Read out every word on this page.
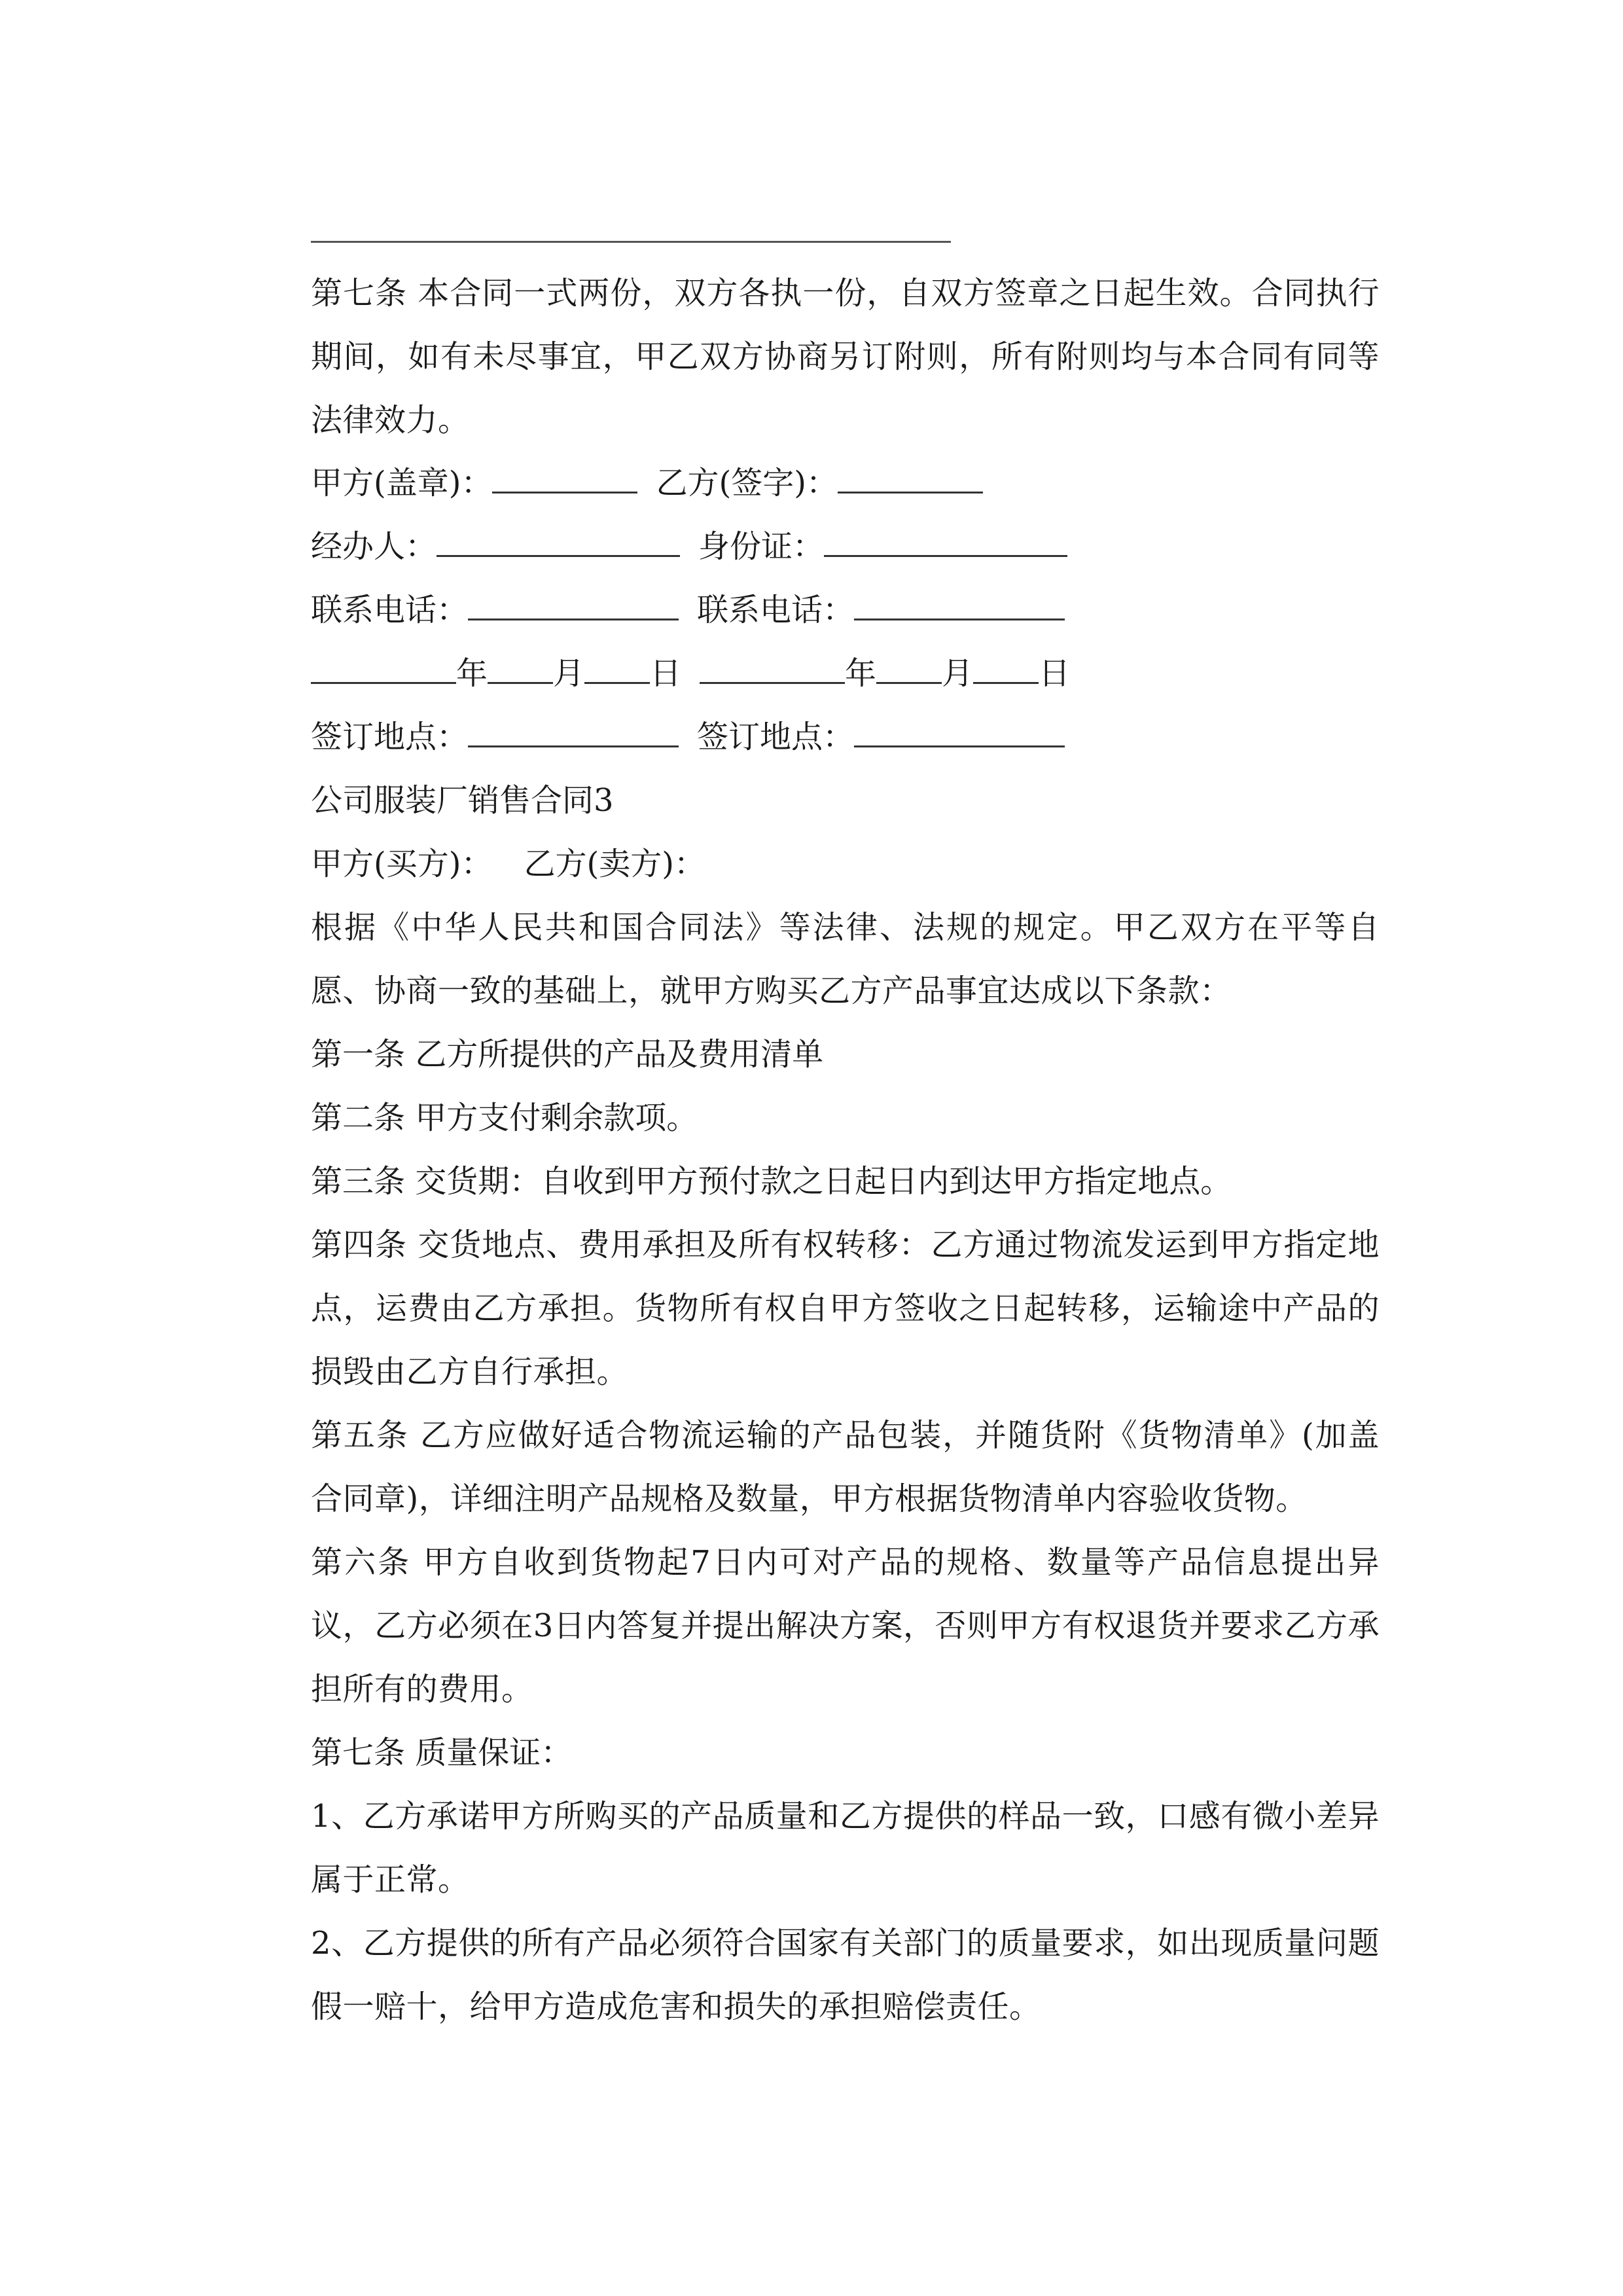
第七条 本合同一式两份，双方各执一份，自双方签章之日起生效。合同执行期间，如有未尽事宜，甲乙双方协商另订附则，所有附则均与本合同有同等法律效力。
甲方(盖章)：	乙方(签字)：
经办人：	身份证：
联系电话：	联系电话：
年 月 日	年 月 日
签订地点：	签订地点：
公司服装厂销售合同3
甲方(买方)： 乙方(卖方)：
根据《中华人民共和国合同法》等法律、法规的规定。甲乙双方在平等自愿、协商一致的基础上，就甲方购买乙方产品事宜达成以下条款：
第一条 乙方所提供的产品及费用清单
第二条 甲方支付剩余款项。
第三条 交货期：自收到甲方预付款之日起日内到达甲方指定地点。
第四条 交货地点、费用承担及所有权转移：乙方通过物流发运到甲方指定地点，运费由乙方承担。货物所有权自甲方签收之日起转移，运输途中产品的损毁由乙方自行承担。
第五条 乙方应做好适合物流运输的产品包装，并随货附《货物清单》(加盖合同章)，详细注明产品规格及数量，甲方根据货物清单内容验收货物。
第六条 甲方自收到货物起7日内可对产品的规格、数量等产品信息提出异议，乙方必须在3日内答复并提出解决方案，否则甲方有权退货并要求乙方承担所有的费用。
第七条 质量保证：
1、乙方承诺甲方所购买的产品质量和乙方提供的样品一致，口感有微小差异属于正常。
2、乙方提供的所有产品必须符合国家有关部门的质量要求，如出现质量问题假一赔十，给甲方造成危害和损失的承担赔偿责任。
